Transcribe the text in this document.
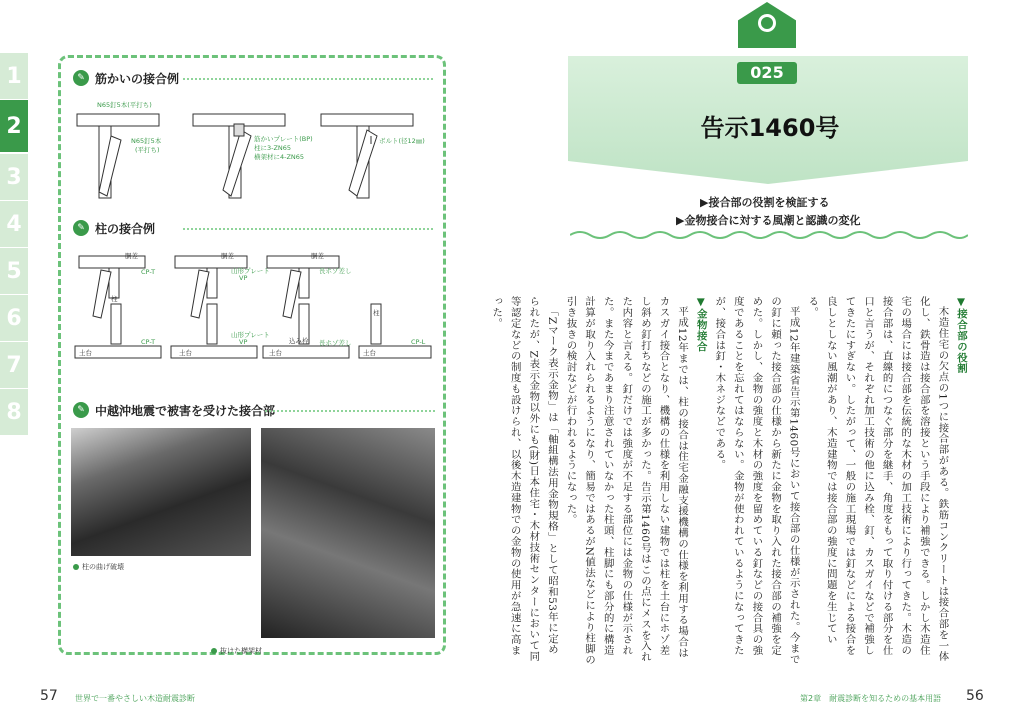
1
2
3
4
5
6
7
8
✎ 筋かいの接合例
N65釘5本(平打ち)
N65釘5本
(平打ち)
筋かいプレート(BP)
柱に3-ZN65
横架材に4-ZN65
ボルト(径12㎜)
✎ 柱の接合例
胴差
CP-T
柱
CP-T
土台
胴差
山形プレート
VP
山形プレート
VP
土台
胴差
長ホゾ差し
込み栓 長ホゾ差し
土台
柱
CP-L
土台
✎ 中越沖地震で被害を受けた接合部
柱の曲げ破壊
抜けた横架材
57 世界で一番やさしい木造耐震診断
025
告示1460号
▶接合部の役割を検証する
▶金物接合に対する風潮と認識の変化
▼接合部の役割

木造住宅の欠点の1つに接合部がある。鉄筋コンクリートは接合部を一体化し、鉄骨造は接合部を溶接という手段により補強できる。しかし木造住宅の場合には接合部を伝統的な木材の加工技術により行ってきた。木造の接合部は、直線的につなぐ部分を継手、角度をもって取り付ける部分を仕口と言うが、それぞれ加工技術の他に込み栓、釘、カスガイなどで補強してきたにすぎない。したがって、一般の施工現場では釘などによる接合を良しとしない風潮があり、木造建物では接合部の強度に問題を生じている。

平成12年建築省告示第1460号において接合部の仕様が示された。今までの釘に頼った接合部の仕様から新たに金物を取り入れた接合部の補強を定めた。しかし、金物の強度と木材の強度を留めている釘などの接合具の強度であることを忘れてはならない。金物が使われているようになってきたが、接合は釘・木ネジなどである。

▼金物接合

平成12年までは、柱の接合は住宅金融支援機構の仕様を利用する場合はカスガイ接合となり、機構の仕様を利用しない建物では柱を土台にホゾ差し斜め釘打ちなどの施工が多かった。告示第1460号はこの点にメスを入れた内容と言える。釘だけでは強度が不足する部位には金物の仕様が示された。また今まであまり注意されていなかった柱頭、柱脚にも部分的に構造計算が取り入れられるようになり、簡易ではあるがN値法などにより柱脚の引き抜きの検討などが行われるようになった。

「Zマーク表示金物」は「軸組構法用金物規格」として昭和53年に定められたが、Z表示金物以外にも(財)日本住宅・木材技術センターにおいて同等認定などの制度も設けられ、以後木造建物での金物の使用が急速に高まった。

第2章　耐震診断を知るための基本用語 56
